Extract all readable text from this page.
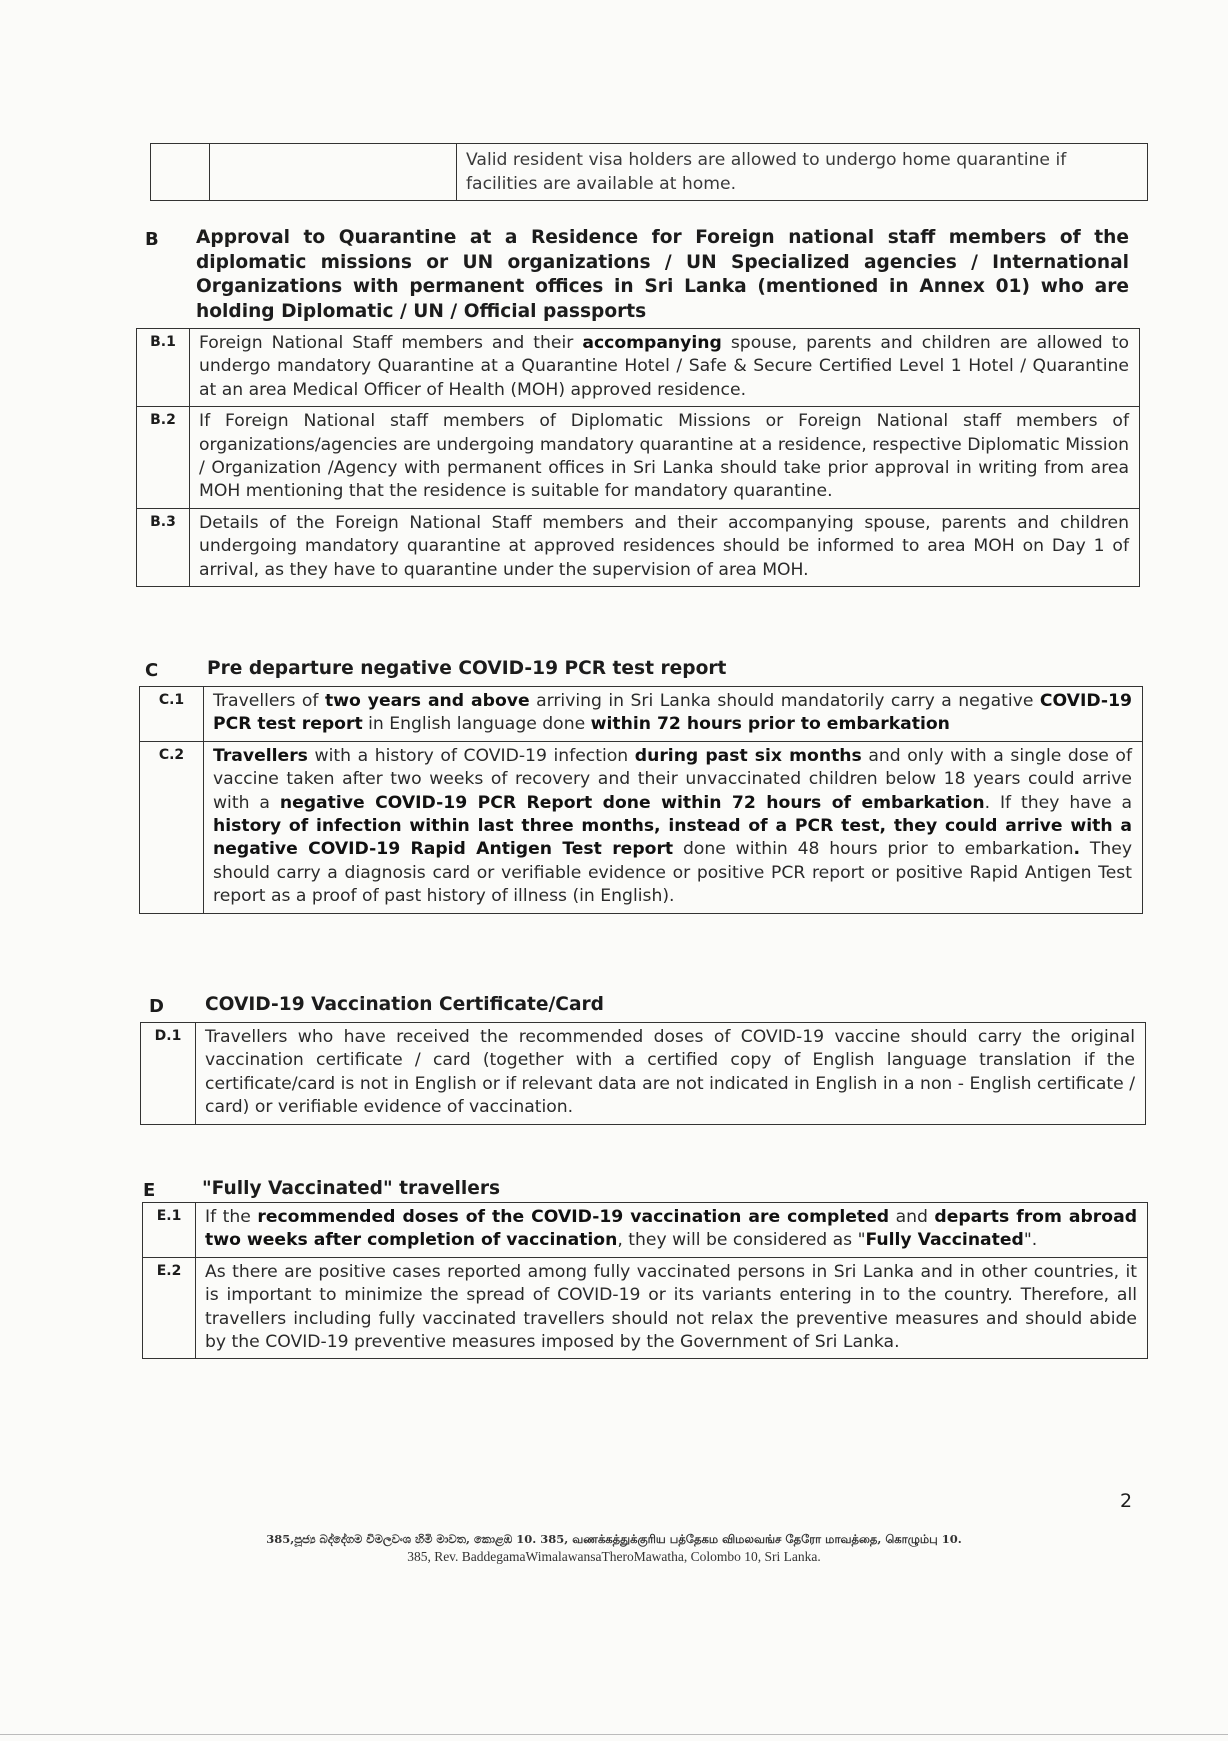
Valid resident visa holders are allowed to undergo home quarantine if facilities are available at home.
B Approval to Quarantine at a Residence for Foreign national staff members of the diplomatic missions or UN organizations / UN Specialized agencies / International Organizations with permanent offices in Sri Lanka (mentioned in Annex 01) who are holding Diplomatic / UN / Official passports
B.1	Foreign National Staff members and their accompanying spouse, parents and children are allowed to undergo mandatory Quarantine at a Quarantine Hotel / Safe & Secure Certified Level 1 Hotel / Quarantine at an area Medical Officer of Health (MOH) approved residence.
B.2	If Foreign National staff members of Diplomatic Missions or Foreign National staff members of organizations/agencies are undergoing mandatory quarantine at a residence, respective Diplomatic Mission / Organization /Agency with permanent offices in Sri Lanka should take prior approval in writing from area MOH mentioning that the residence is suitable for mandatory quarantine.
B.3	Details of the Foreign National Staff members and their accompanying spouse, parents and children undergoing mandatory quarantine at approved residences should be informed to area MOH on Day 1 of arrival, as they have to quarantine under the supervision of area MOH.
C	Pre departure negative COVID-19 PCR test report
C.1	Travellers of two years and above arriving in Sri Lanka should mandatorily carry a negative COVID-19 PCR test report in English language done within 72 hours prior to embarkation
C.2	Travellers with a history of COVID-19 infection during past six months and only with a single dose of vaccine taken after two weeks of recovery and their unvaccinated children below 18 years could arrive with a negative COVID-19 PCR Report done within 72 hours of embarkation. If they have a history of infection within last three months, instead of a PCR test, they could arrive with a negative COVID-19 Rapid Antigen Test report done within 48 hours prior to embarkation. They should carry a diagnosis card or verifiable evidence or positive PCR report or positive Rapid Antigen Test report as a proof of past history of illness (in English).
D COVID-19 Vaccination Certificate/Card
D.1	Travellers who have received the recommended doses of COVID-19 vaccine should carry the original vaccination certificate / card (together with a certified copy of English language translation if the certificate/card is not in English or if relevant data are not indicated in English in a non - English certificate / card) or verifiable evidence of vaccination.
E	"Fully Vaccinated" travellers
E.1	If the recommended doses of the COVID-19 vaccination are completed and departs from abroad two weeks after completion of vaccination, they will be considered as "Fully Vaccinated".
E.2	As there are positive cases reported among fully vaccinated persons in Sri Lanka and in other countries, it is important to minimize the spread of COVID-19 or its variants entering in to the country. Therefore, all travellers including fully vaccinated travellers should not relax the preventive measures and should abide by the COVID-19 preventive measures imposed by the Government of Sri Lanka.
2
385,පූජ්‍ය බද්දේගම විමලවංශ හිමි මාවත, කොළඹ 10. 385, வணக்கத்துக்குரிய பத்தேகம விமலவங்ச தேரோ மாவத்தை, கொழும்பு 10.
385, Rev. BaddegamaWimalawansaTheroMawatha, Colombo 10, Sri Lanka.
